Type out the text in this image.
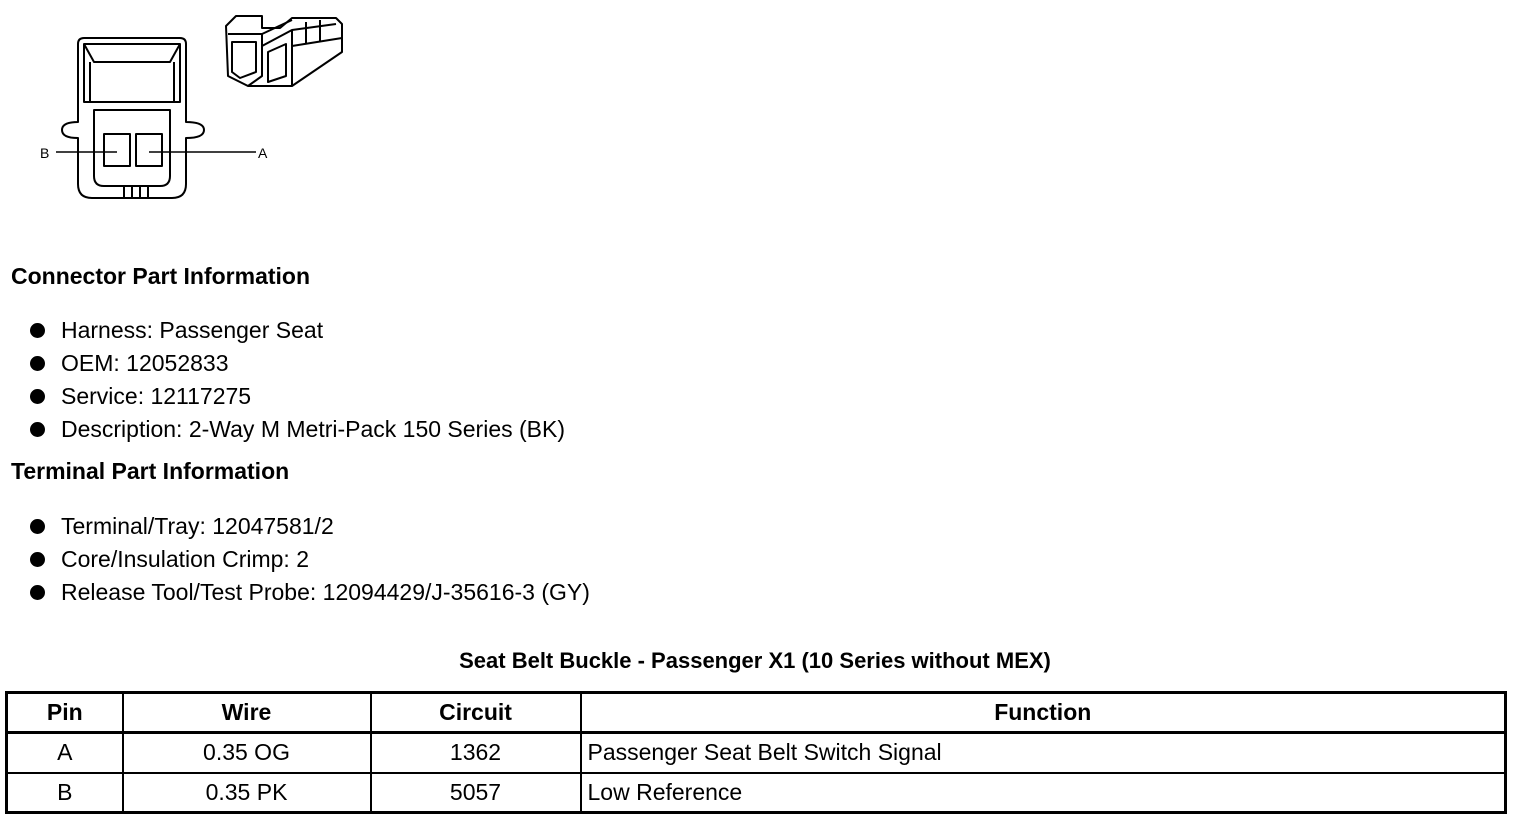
B	A
Connector Part Information
Harness: Passenger Seat
OEM: 12052833
Service: 12117275
Description: 2-Way M Metri-Pack 150 Series (BK)
Terminal Part Information
Terminal/Tray: 12047581/2
Core/Insulation Crimp: 2
Release Tool/Test Probe: 12094429/J-35616-3 (GY)
Seat Belt Buckle - Passenger X1 (10 Series without MEX)
Pin	Wire	Circuit	Function
A	0.35 OG	1362	Passenger Seat Belt Switch Signal
B	0.35 PK	5057	Low Reference
